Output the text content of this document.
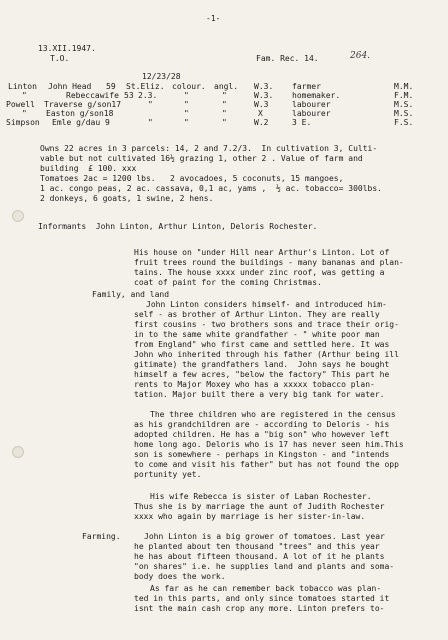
-1-
13.XII.1947.
T.O.	Fam. Rec. 14.	264.
12/23/28
Linton John Head 59 St.Eliz. colour. angl. W.3. farmer	M.M.
"	Rebeccawife 53 2.3.	"	"	W.3. homemaker.	F.M.
Powell Traverse g/son17	"	"	"	W.3	labourer	M.S.
" Easton g/son18	"	"	X	labourer	M.S.
Simpson Emle g/dau 9	"	"	"	W.2	3 E.	F.S.
Owns 22 acres in 3 parcels: 14, 2 and 7.2/3.  In cultivation 3, Culti-
vable but not cultivated 16½ grazing 1, other 2 . Value of farm and
building  £ 100. xxx
Tomatoes 2ac = 1200 lbs.   2 avocadoes, 5 coconuts, 15 mangoes,
1 ac. congo peas, 2 ac. cassava, 0,1 ac, yams ,  ½ ac. tobacco= 300lbs.
2 donkeys, 6 goats, 1 swine, 2 hens.
Informants  John Linton, Arthur Linton, Deloris Rochester.
His house on "under Hill near Arthur's Linton. Lot of
fruit trees round the buildings - many bananas and plan-
tains. The house xxxx under zinc roof, was getting a
coat of paint for the coming Christmas.
Family, and land
John Linton considers himself- and introduced him-
self - as brother of Arthur Linton. They are really
first cousins - two brothers sons and trace their orig-
in to the same white grandfather - " white poor man
from England" who first came and settled here. It was
John who inherited through his father (Arthur being ill
gitimate) the grandfathers land.  John says he bought
himself a few acres, "below the factory" This part he
rents to Major Moxey who has a xxxxx tobacco plan-
tation. Major built there a very big tank for water.
The three children who are registered in the census
as his grandchildren are - according to Deloris - his
adopted children. He has a "big son" who however left
home long ago. Deloris who is 17 has never seen him.This
son is somewhere - perhaps in Kingston - and "intends
to come and visit his father" but has not found the opp
portunity yet.
His wife Rebecca is sister of Laban Rochester.
Thus she is by marriage the aunt of Judith Rochester
xxxx who again by marriage is her sister-in-law.
Farming.	John Linton is a big grower of tomatoes. Last year
he planted about ten thousand "trees" and this year
he has about fifteen thousand. A lot of it he plants
"on shares" i.e. he supplies land and plants and soma-
body does the work.
As far as he can remember back tobacco was plan-
ted in this parts, and only since tomatoes started it
isnt the main cash crop any more. Linton prefers to-
